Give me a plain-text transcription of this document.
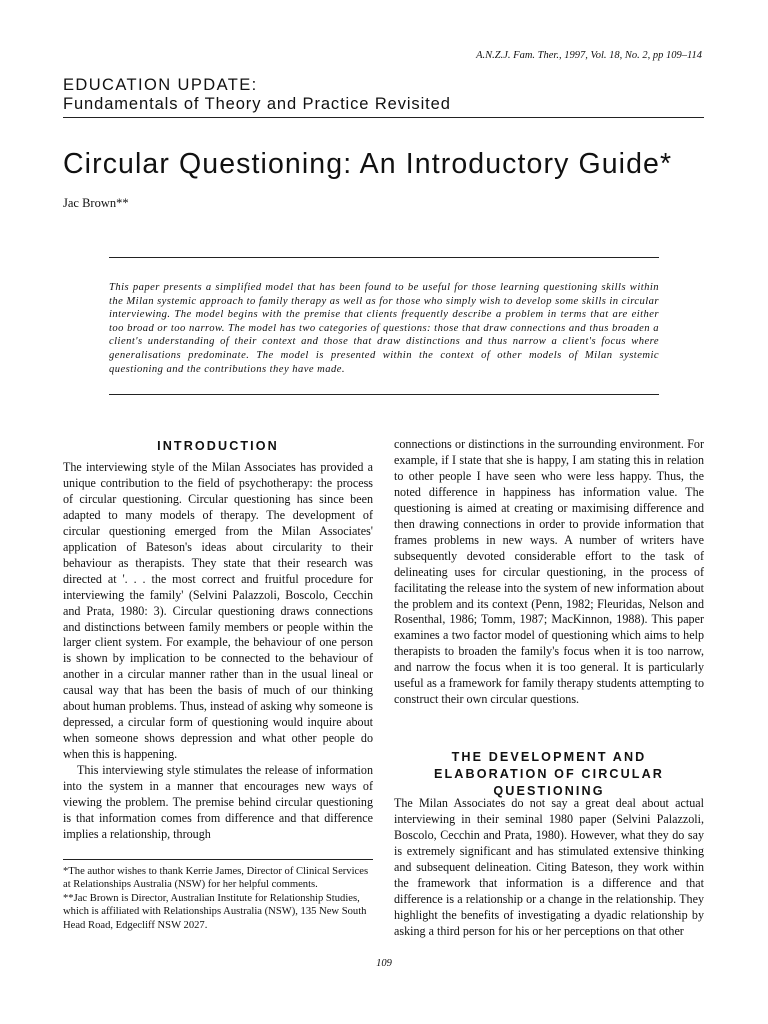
A.N.Z.J. Fam. Ther., 1997, Vol. 18, No. 2, pp 109–114
EDUCATION UPDATE:
Fundamentals of Theory and Practice Revisited
Circular Questioning: An Introductory Guide*
Jac Brown**
This paper presents a simplified model that has been found to be useful for those learning questioning skills within the Milan systemic approach to family therapy as well as for those who simply wish to develop some skills in circular interviewing. The model begins with the premise that clients frequently describe a problem in terms that are either too broad or too narrow. The model has two categories of questions: those that draw connections and thus broaden a client's understanding of their context and those that draw distinctions and thus narrow a client's focus where generalisations predominate. The model is presented within the context of other models of Milan systemic questioning and the contributions they have made.
INTRODUCTION

The interviewing style of the Milan Associates has provided a unique contribution to the field of psychotherapy: the process of circular questioning. Circular questioning has since been adapted to many models of therapy. The development of circular questioning emerged from the Milan Associates' application of Bateson's ideas about circularity to their behaviour as therapists. They state that their research was directed at '. . . the most correct and fruitful procedure for interviewing the family' (Selvini Palazzoli, Boscolo, Cecchin and Prata, 1980: 3). Circular questioning draws connections and distinctions between family members or people within the larger client system. For example, the behaviour of one person is shown by implication to be connected to the behaviour of another in a circular manner rather than in the usual lineal or causal way that has been the basis of much of our thinking about human problems. Thus, instead of asking why someone is depressed, a circular form of questioning would inquire about when someone shows depression and what other people do when this is happening.

This interviewing style stimulates the release of information into the system in a manner that encourages new ways of viewing the problem. The premise behind circular questioning is that information comes from difference and that difference implies a relationship, through

connections or distinctions in the surrounding environment. For example, if I state that she is happy, I am stating this in relation to other people I have seen who were less happy. Thus, the noted difference in happiness has information value. The questioning is aimed at creating or maximising difference and then drawing connections in order to provide information that frames problems in new ways. A number of writers have subsequently devoted considerable effort to the task of delineating uses for circular questioning, in the process of facilitating the release into the system of new information about the problem and its context (Penn, 1982; Fleuridas, Nelson and Rosenthal, 1986; Tomm, 1987; MacKinnon, 1988). This paper examines a two factor model of questioning which aims to help therapists to broaden the family's focus when it is too narrow, and narrow the focus when it is too general. It is particularly useful as a framework for family therapy students attempting to construct their own circular questions.

THE DEVELOPMENT AND ELABORATION OF CIRCULAR QUESTIONING

The Milan Associates do not say a great deal about actual interviewing in their seminal 1980 paper (Selvini Palazzoli, Boscolo, Cecchin and Prata, 1980). However, what they do say is extremely significant and has stimulated extensive thinking and subsequent delineation. Citing Bateson, they work within the framework that information is a difference and that difference is a relationship or a change in the relationship. They highlight the benefits of investigating a dyadic relationship by asking a third person for his or her perceptions on that other

*The author wishes to thank Kerrie James, Director of Clinical Services at Relationships Australia (NSW) for her helpful comments.

**Jac Brown is Director, Australian Institute for Relationship Studies, which is affiliated with Relationships Australia (NSW), 135 New South Head Road, Edgecliff NSW 2027.

109
